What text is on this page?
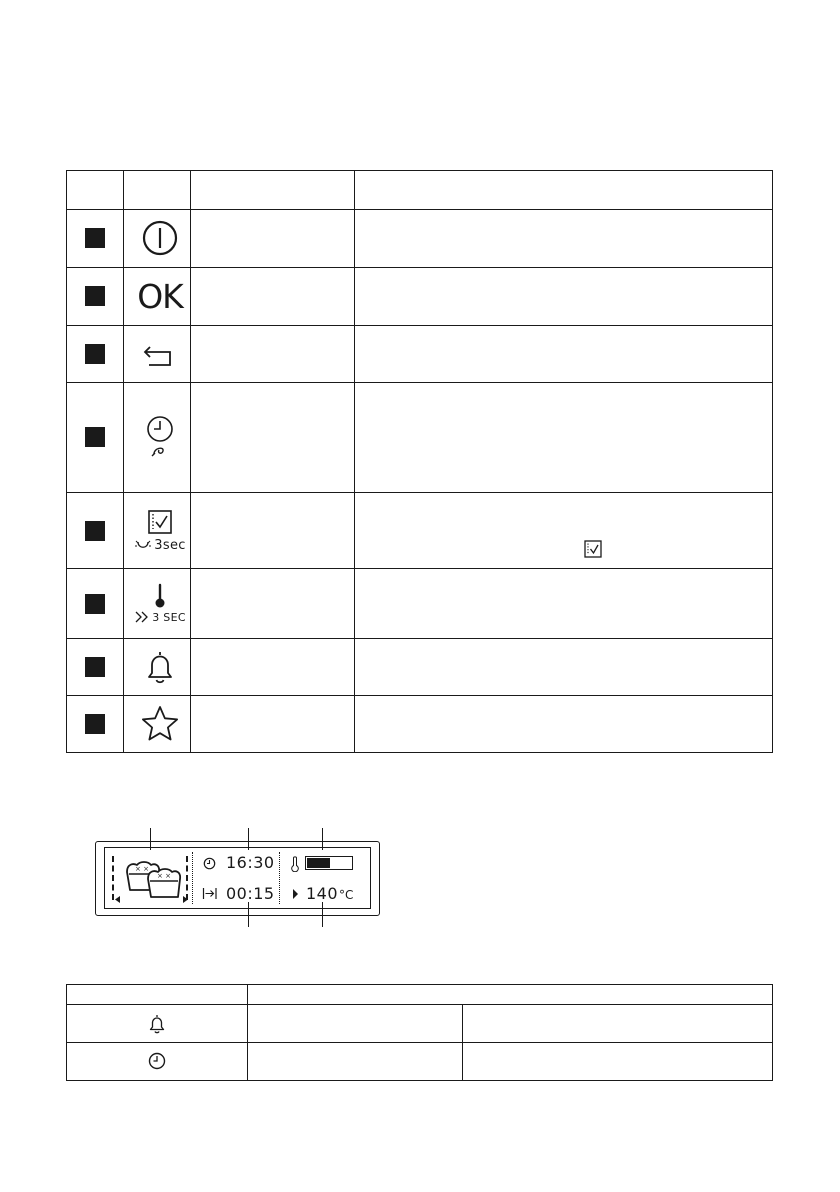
OK
3sec
3 SEC
× ×
× ×
16:30
00:15 140 °C
